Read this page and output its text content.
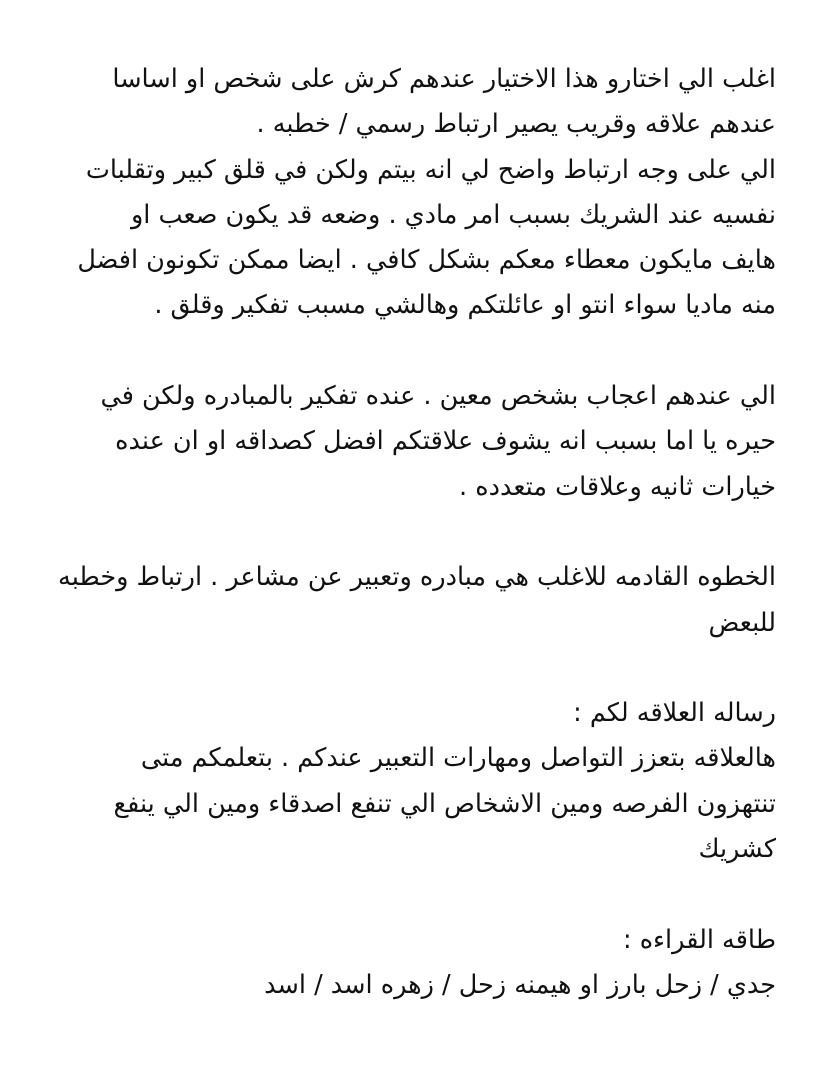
اغلب الي اختارو هذا الاختيار عندهم كرش على شخص او اساسا
عندهم علاقه وقريب يصير ارتباط رسمي / خطبه .
الي على وجه ارتباط واضح لي انه بيتم ولكن في قلق كبير وتقلبات
نفسيه عند الشريك بسبب امر مادي . وضعه قد يكون صعب او
هايف مايكون معطاء معكم بشكل كافي . ايضا ممكن تكونون افضل
منه ماديا سواء انتو او عائلتكم وهالشي مسبب تفكير وقلق .
الي عندهم اعجاب بشخص معين . عنده تفكير بالمبادره ولكن في
حيره يا اما بسبب انه يشوف علاقتكم افضل كصداقه او ان عنده
خيارات ثانيه وعلاقات متعدده .
الخطوه القادمه للاغلب هي مبادره وتعبير عن مشاعر . ارتباط وخطبه
للبعض
رساله العلاقه لكم :
هالعلاقه بتعزز التواصل ومهارات التعبير عندكم . بتعلمكم متى
تنتهزون الفرصه ومين الاشخاص الي تنفع اصدقاء ومين الي ينفع
كشريك
طاقه القراءه :
جدي / زحل بارز او هيمنه زحل / زهره اسد / اسد
